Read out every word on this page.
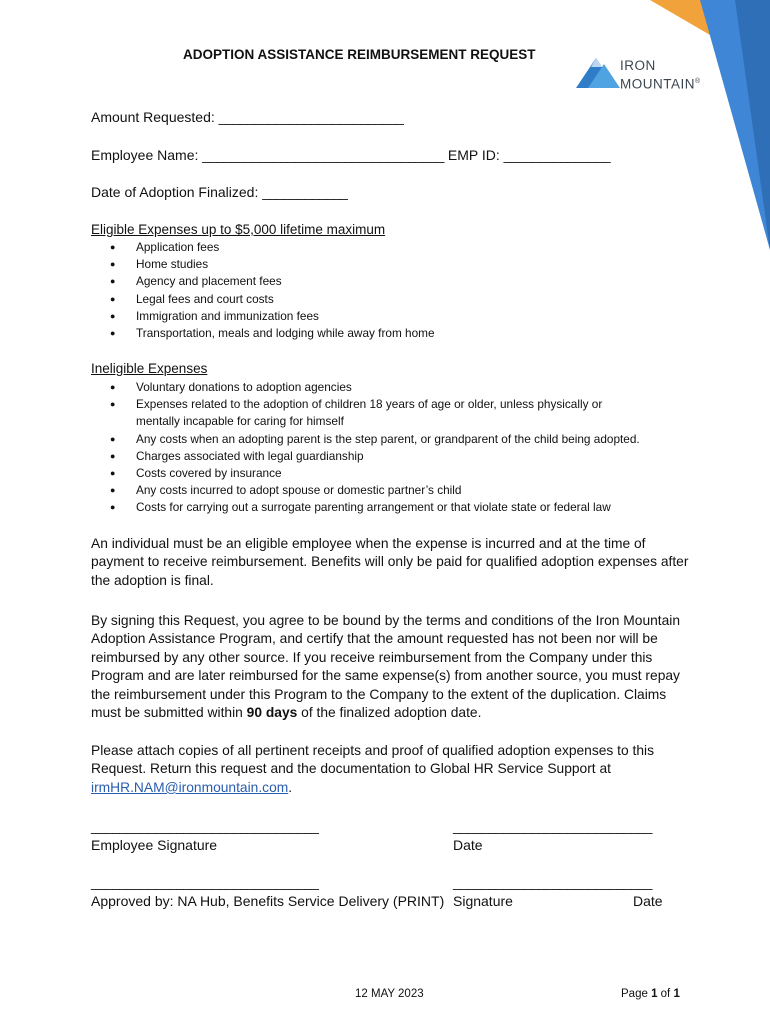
IRON
MOUNTAIN®
ADOPTION ASSISTANCE REIMBURSEMENT REQUEST
Amount Requested: __________________________
Employee Name: __________________________________ EMP ID: _______________
Date of Adoption Finalized: ____________
Eligible Expenses up to $5,000 lifetime maximum
● Application fees
● Home studies
● Agency and placement fees
● Legal fees and court costs
● Immigration and immunization fees
● Transportation, meals and lodging while away from home
Ineligible Expenses
● Voluntary donations to adoption agencies
● Expenses related to the adoption of children 18 years of age or older, unless physically or mentally incapable for caring for himself
● Any costs when an adopting parent is the step parent, or grandparent of the child being adopted.
● Charges associated with legal guardianship
● Costs covered by insurance
● Any costs incurred to adopt spouse or domestic partner’s child
● Costs for carrying out a surrogate parenting arrangement or that violate state or federal law
An individual must be an eligible employee when the expense is incurred and at the time of payment to receive reimbursement. Benefits will only be paid for qualified adoption expenses after the adoption is final.
By signing this Request, you agree to be bound by the terms and conditions of the Iron Mountain Adoption Assistance Program, and certify that the amount requested has not been nor will be reimbursed by any other source. If you receive reimbursement from the Company under this Program and are later reimbursed for the same expense(s) from another source, you must repay the reimbursement under this Program to the Company to the extent of the duplication. Claims must be submitted within 90 days of the finalized adoption date.
Please attach copies of all pertinent receipts and proof of qualified adoption expenses to this Request. Return this request and the documentation to Global HR Service Support at irmHR.NAM@ironmountain.com.
________________________________	____________________________
Employee Signature	Date
________________________________	____________________________
Approved by: NA Hub, Benefits Service Delivery (PRINT) Signature	Date
12 MAY 2023	Page 1 of 1
